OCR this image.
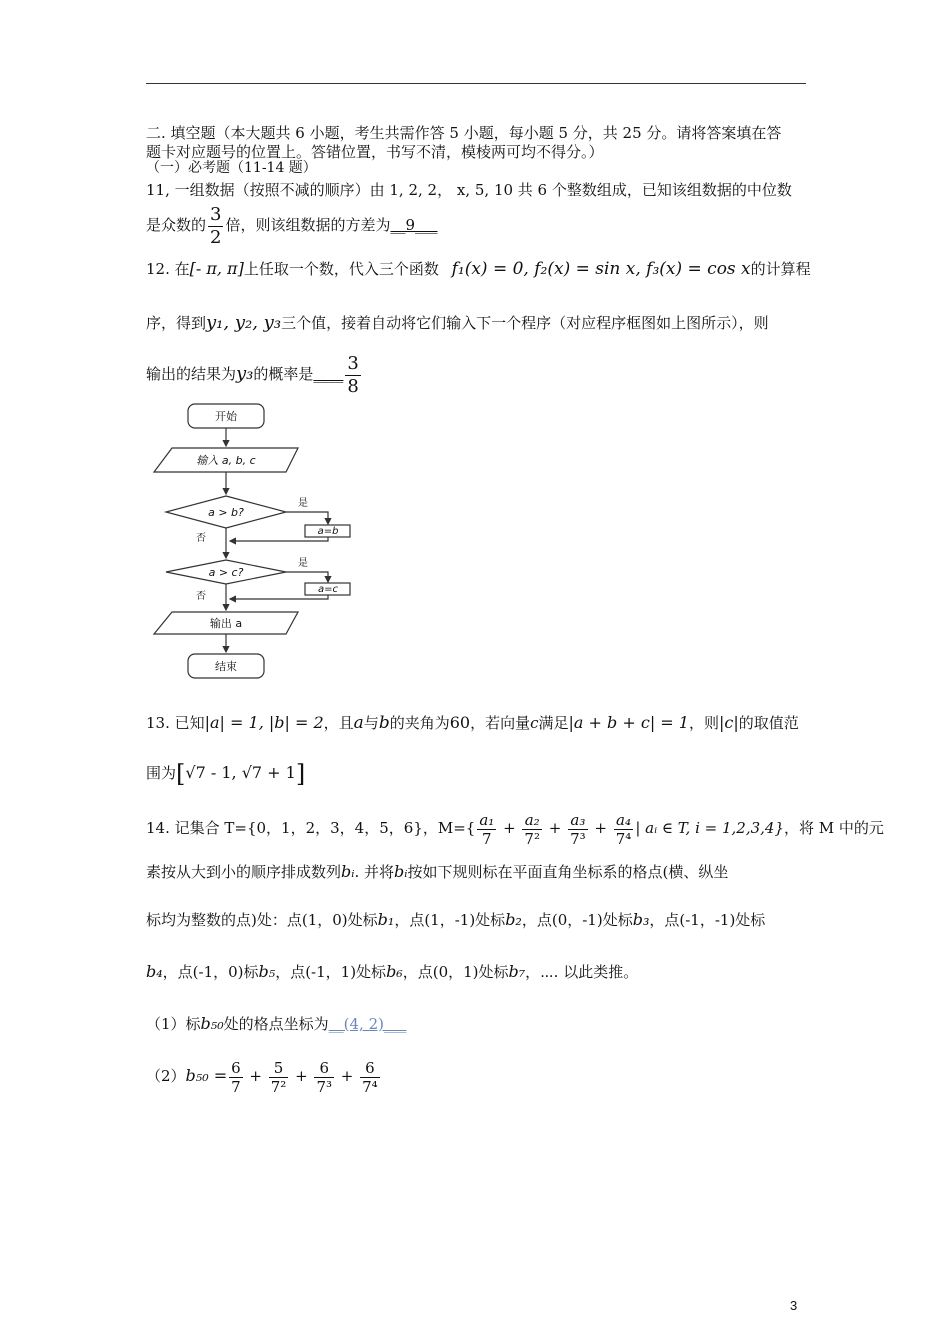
二. 填空题（本大题共 6 小题，考生共需作答 5 小题，每小题 5 分，共 25 分。请将答案填在答
题卡对应题号的位置上。答错位置，书写不清，模棱两可均不得分。）
（一）必考题（11-14 题）
11, 一组数据（按照不减的顺序）由 1, 2, 2， x, 5, 10 共 6 个整数组成，已知该组数据的中位数
是众数的 $\frac{3}{2}$ 倍，则该组数据的方差为__9___
12. 在[- π, π]上任取一个数，代入三个函数 f₁(x) = 0, f₂(x) = sin x, f₃(x) = cos x的计算程
序，得到y₁, y₂, y₃三个值，接着自动将它们输入下一个程序（对应程序框图如上图所示），则
输出的结果为y₃的概率是____ $\frac{3}{8}$
开始
输入 a, b, c
a > b?
是
a=b
否
a > c?
是
a=c
否
输出 a
结束
13. 已知|a| = 1, |b| = 2，且a与b的夹角为60，若向量c满足|a + b + c| = 1，则|c|的取值范
围为[√7 - 1, √7 + 1]
14. 记集合 T={0，1，2，3，4，5，6}，$M=\{ \frac{\text{a₁}}{7} + \frac{\text{a₂}}{\text{7²}} + \frac{\text{a₃}}{\text{7³}} + \frac{\text{a₄}}{\text{7⁴}}$ | aᵢ ∈ T, i = 1,2,3,4}，将 M 中的元
素按从大到小的顺序排成数列bᵢ. 并将bᵢ按如下规则标在平面直角坐标系的格点(横、纵坐
标均为整数的点)处：点(1，0)处标b₁，点(1，-1)处标b₂，点(0，-1)处标b₃，点(-1，-1)处标
b₄，点(-1，0)标b₅，点(-1，1)处标b₆，点(0，1)处标b₇，⋯. 以此类推。
（1）标b₅₀处的格点坐标为__(4, 2)___
$(2)b_{50} = \frac{6}{7} + \frac{5}{\text{7²}} + \frac{6}{\text{7³}} + \frac{6}{\text{7⁴}}$
3
